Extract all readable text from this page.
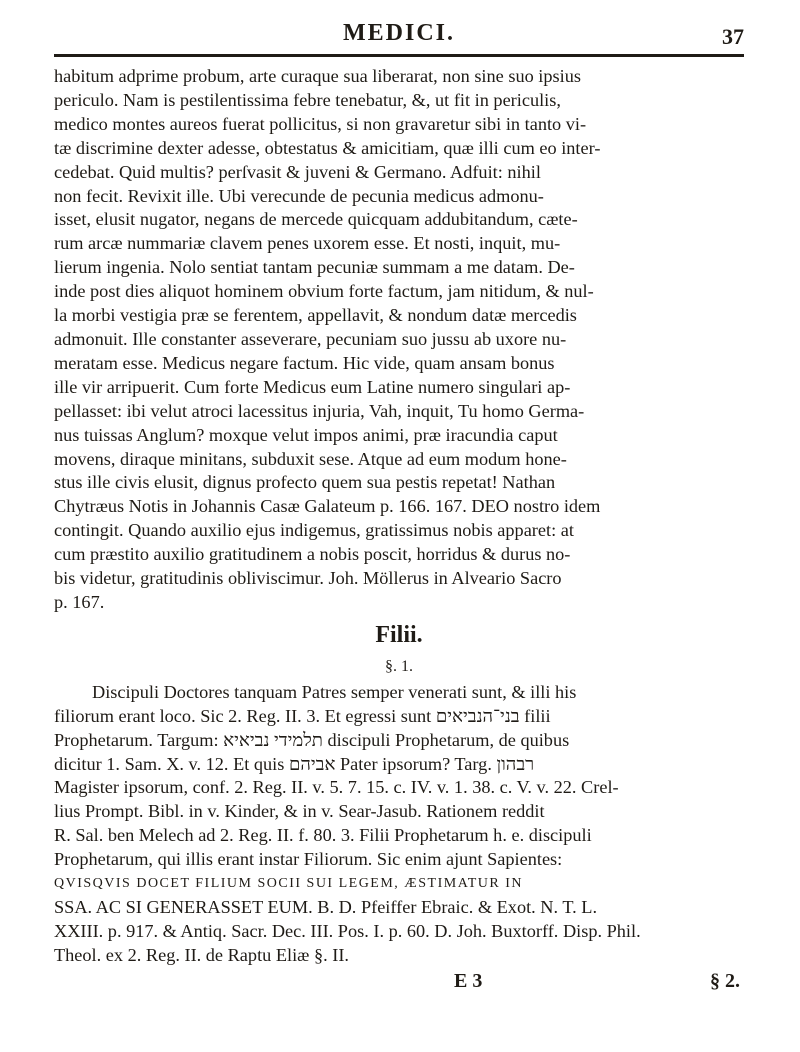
MEDICI.	37

habitum adprime probum, arte curaque sua liberarat, non sine suo ipsius

periculo. Nam is pestilentissima febre tenebatur, &, ut fit in periculis,

medico montes aureos fuerat pollicitus, si non gravaretur sibi in tanto vi-

tæ discrimine dexter adesse, obtestatus & amicitiam, quæ illi cum eo inter-

cedebat. Quid multis? perſvasit & juveni & Germano. Adfuit: nihil

non fecit. Revixit ille. Ubi verecunde de pecunia medicus admonu-

isset, elusit nugator, negans de mercede quicquam addubitandum, cæte-

rum arcæ nummariæ clavem penes uxorem esse. Et nosti, inquit, mu-

lierum ingenia. Nolo sentiat tantam pecuniæ summam a me datam. De-

inde post dies aliquot hominem obvium forte factum, jam nitidum, & nul-

la morbi vestigia præ se ferentem, appellavit, & nondum datæ mercedis

admonuit. Ille constanter asseverare, pecuniam suo jussu ab uxore nu-

meratam esse. Medicus negare factum. Hic vide, quam ansam bonus

ille vir arripuerit. Cum forte Medicus eum Latine numero singulari ap-

pellasset: ibi velut atroci lacessitus injuria, Vah, inquit, Tu homo Germa-

nus tuissas Anglum? moxque velut impos animi, præ iracundia caput

movens, diraque minitans, subduxit sese. Atque ad eum modum hone-

stus ille civis elusit, dignus profecto quem sua pestis repetat! Nathan

Chytræus Notis in Johannis Casæ Galateum p. 166. 167. DEO nostro idem

contingit. Quando auxilio ejus indigemus, gratissimus nobis apparet: at

cum præstito auxilio gratitudinem a nobis poscit, horridus & durus no-

bis videtur, gratitudinis obliviscimur. Joh. Möllerus in Alveario Sacro

p. 167.

Filii.
§. 1.

Discipuli Doctores tanquam Patres semper venerati sunt, & illi his

filiorum erant loco. Sic 2. Reg. II. 3. Et egressi sunt בני־הנביאים filii

Prophetarum. Targum: תלמידי נביאיא discipuli Prophetarum, de quibus

dicitur 1. Sam. X. v. 12. Et quis אביהם Pater ipsorum? Targ. רבהון

Magister ipsorum, conf. 2. Reg. II. v. 5. 7. 15. c. IV. v. 1. 38. c. V. v. 22. Crel-

lius Prompt. Bibl. in v. Kinder, & in v. Sear-Jasub. Rationem reddit

R. Sal. ben Melech ad 2. Reg. II. f. 80. 3. Filii Prophetarum h. e. discipuli

Prophetarum, qui illis erant instar Filiorum. Sic enim ajunt Sapientes:

QVISQVIS DOCET FILIUM SOCII SUI LEGEM, ÆSTIMATUR IN

SSA. AC SI GENERASSET EUM. B. D. Pfeiffer Ebraic. & Exot. N. T. L.

XXIII. p. 917. & Antiq. Sacr. Dec. III. Pos. I. p. 60. D. Joh. Buxtorff. Disp. Phil.

Theol. ex 2. Reg. II. de Raptu Eliæ §. II.

E 3	§ 2.
